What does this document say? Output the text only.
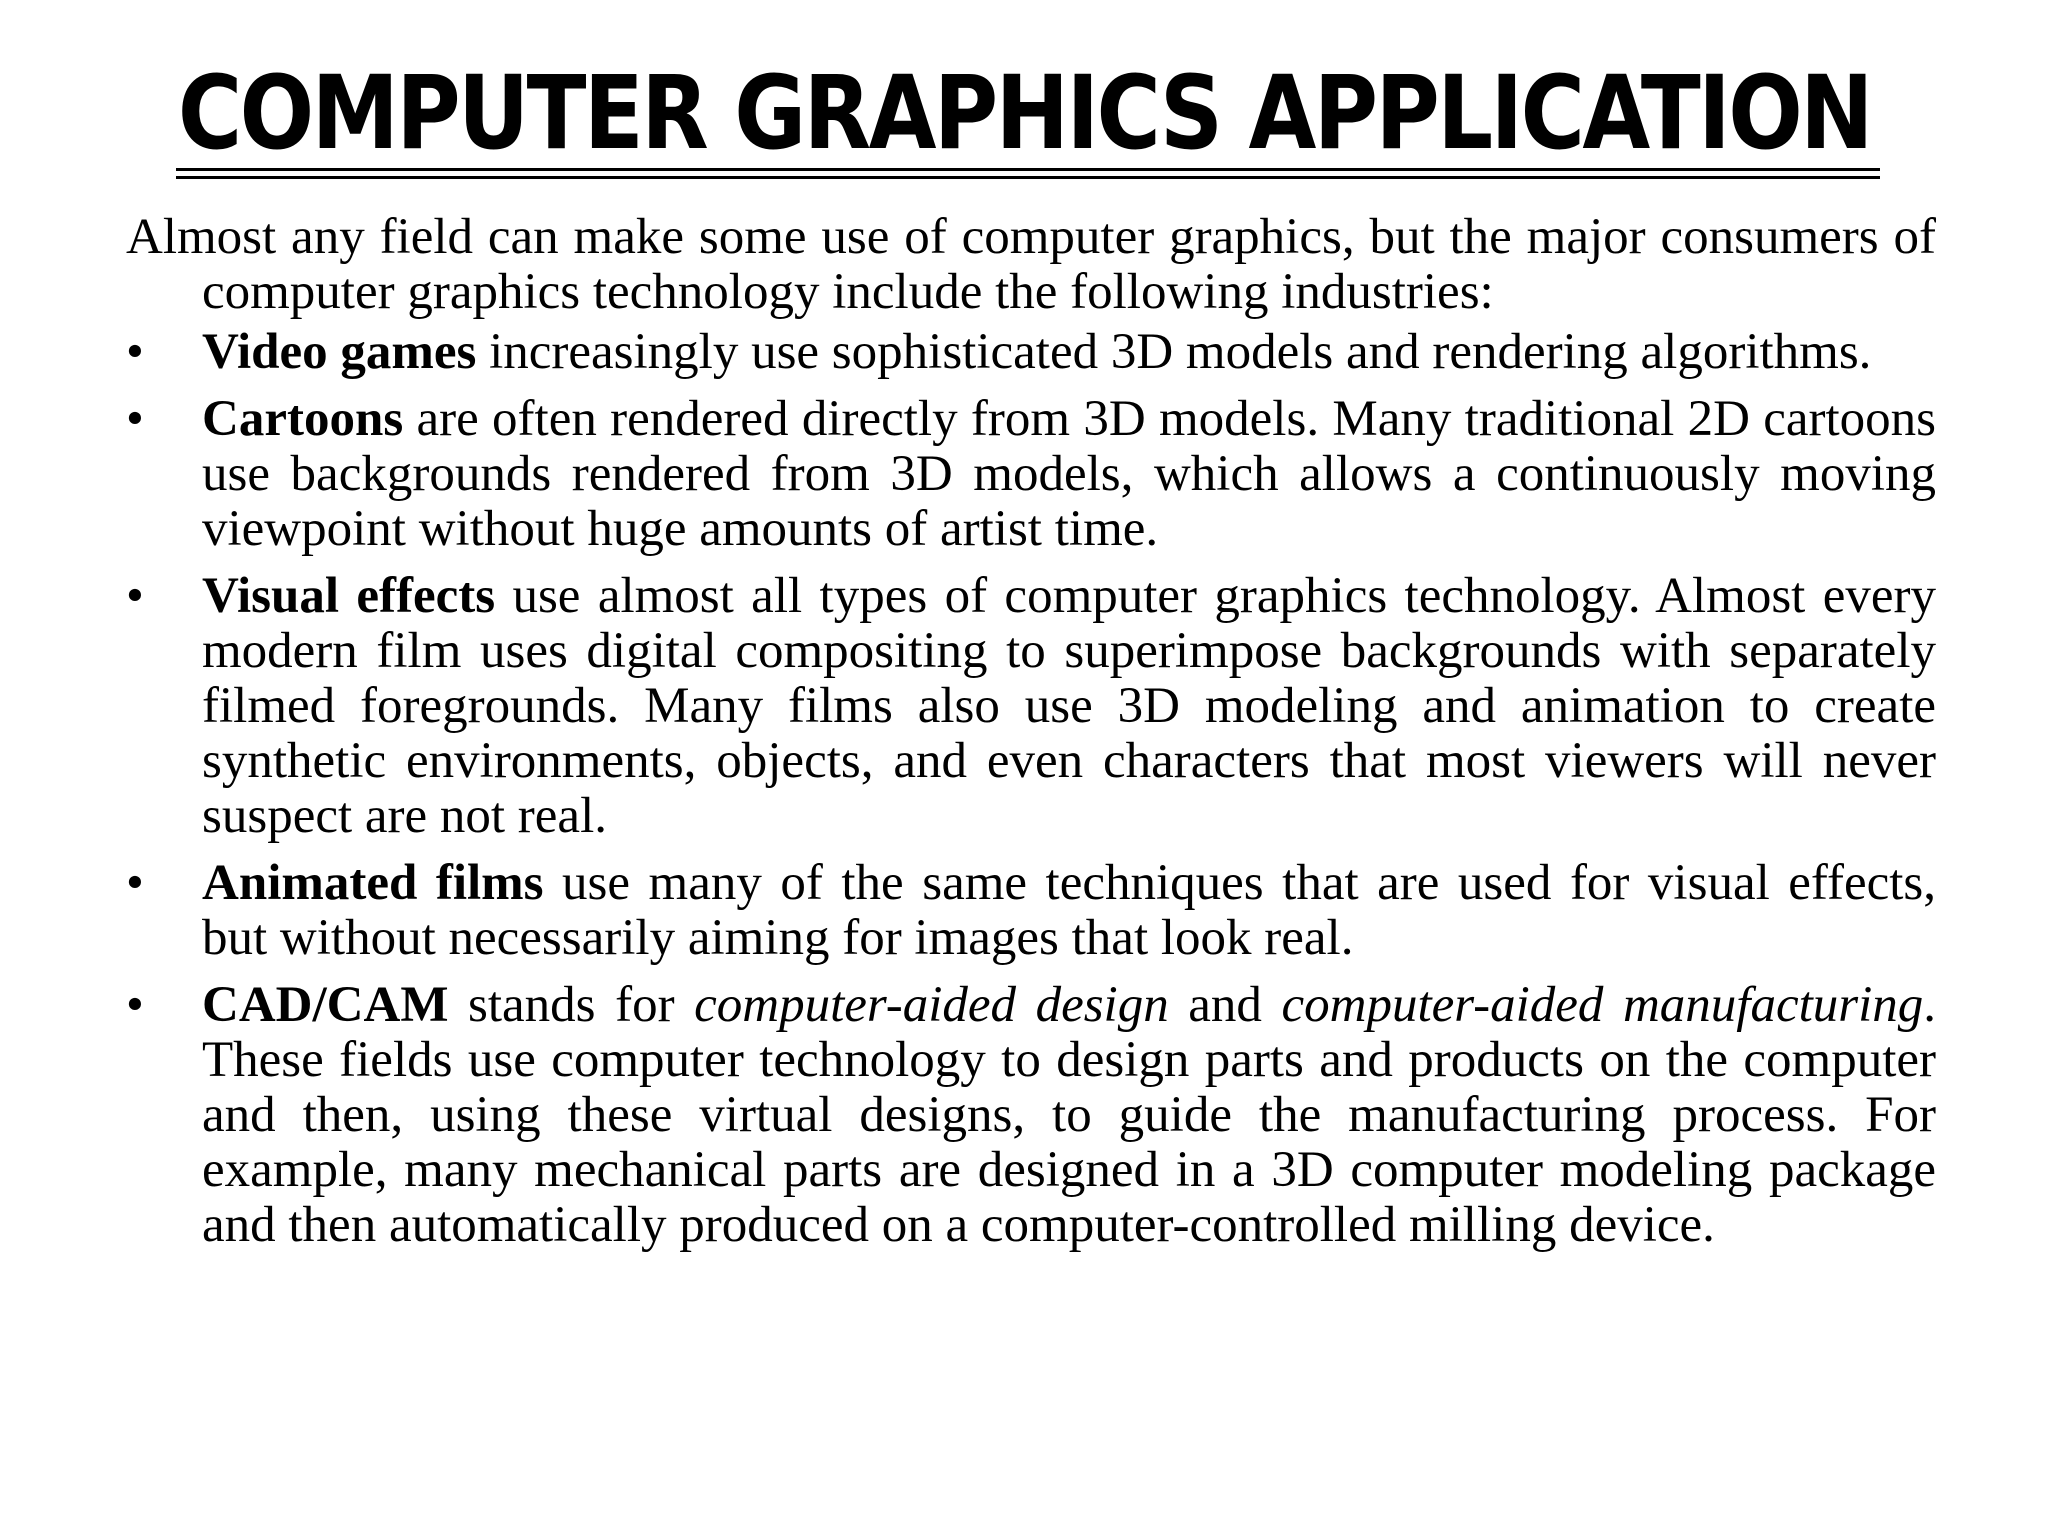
COMPUTER GRAPHICS APPLICATION

Almost any field can make some use of computer graphics, but the major consumers of computer graphics technology include the following industries:

•	Video games increasingly use sophisticated 3D models and rendering algorithms.
•	Cartoons are often rendered directly from 3D models. Many traditional 2D cartoons use backgrounds rendered from 3D models, which allows a continuously moving viewpoint without huge amounts of artist time.
•	Visual effects use almost all types of computer graphics technology. Almost every modern film uses digital compositing to superimpose backgrounds with separately filmed foregrounds. Many films also use 3D modeling and animation to create synthetic environments, objects, and even characters that most viewers will never suspect are not real.
•	Animated films use many of the same techniques that are used for visual effects, but without necessarily aiming for images that look real.
•	CAD/CAM stands for computer-aided design and computer-aided manufacturing. These fields use computer technology to design parts and products on the computer and then, using these virtual designs, to guide the manufacturing process. For example, many mechanical parts are designed in a 3D computer modeling package and then automatically produced on a computer-controlled milling device.
